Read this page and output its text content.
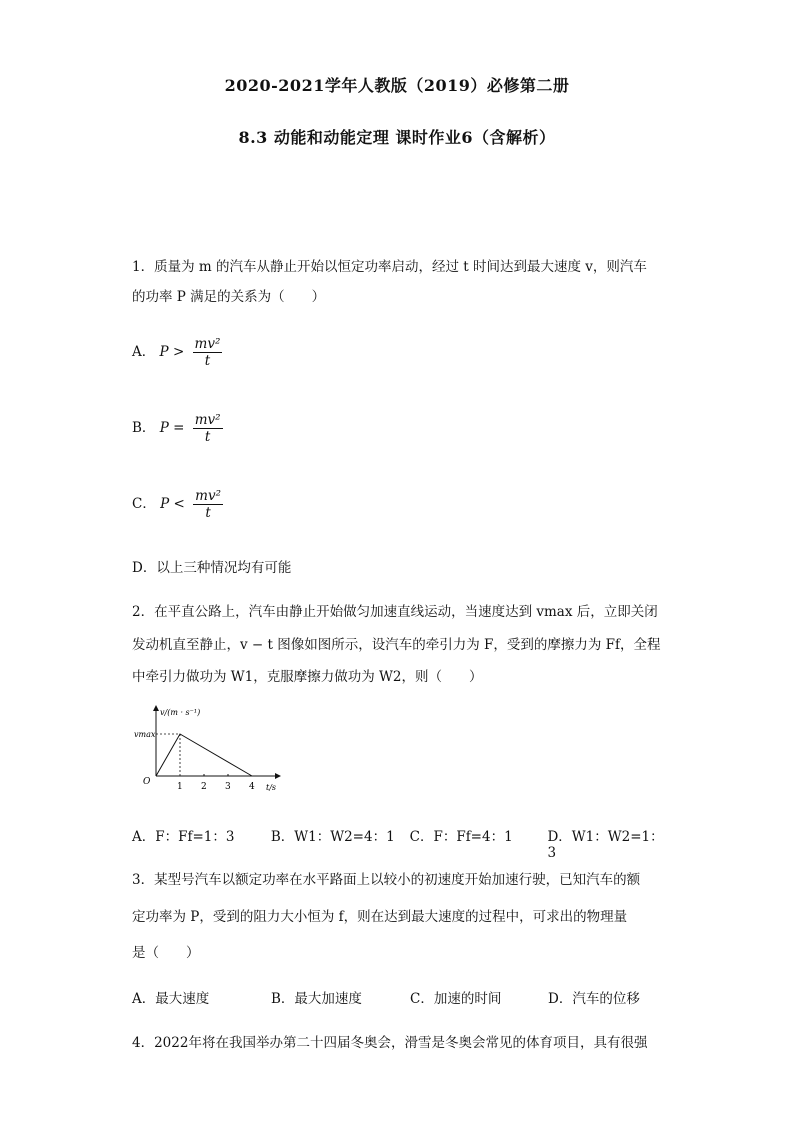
2020-2021学年人教版（2019）必修第二册
8.3 动能和动能定理 课时作业6（含解析）
1．质量为 m 的汽车从静止开始以恒定功率启动，经过 t 时间达到最大速度 v，则汽车
的功率 P 满足的关系为（　　）
A． $P > \frac{\text{mv²}}{t}$
B． $P = \frac{\text{mv²}}{t}$
C． $P < \frac{\text{mv²}}{t}$
D．以上三种情况均有可能
2．在平直公路上，汽车由静止开始做匀加速直线运动，当速度达到 vmax 后，立即关闭
发动机直至静止，v − t 图像如图所示，设汽车的牵引力为 F，受到的摩擦力为 Ff，全程
中牵引力做功为 W1，克服摩擦力做功为 W2，则（　　）
v/(m · s⁻¹)
vmax
O	1 2 3 4 t/s
A．F：Ff=1：3	B．W1：W2=4：1	C．F：Ff=4：1	D．W1：W2=1：3
3．某型号汽车以额定功率在水平路面上以较小的初速度开始加速行驶，已知汽车的额
定功率为 P，受到的阻力大小恒为 f，则在达到最大速度的过程中，可求出的物理量
是（　　）
A．最大速度	B．最大加速度	C．加速的时间	D．汽车的位移
4．2022年将在我国举办第二十四届冬奥会，滑雪是冬奥会常见的体育项目，具有很强
